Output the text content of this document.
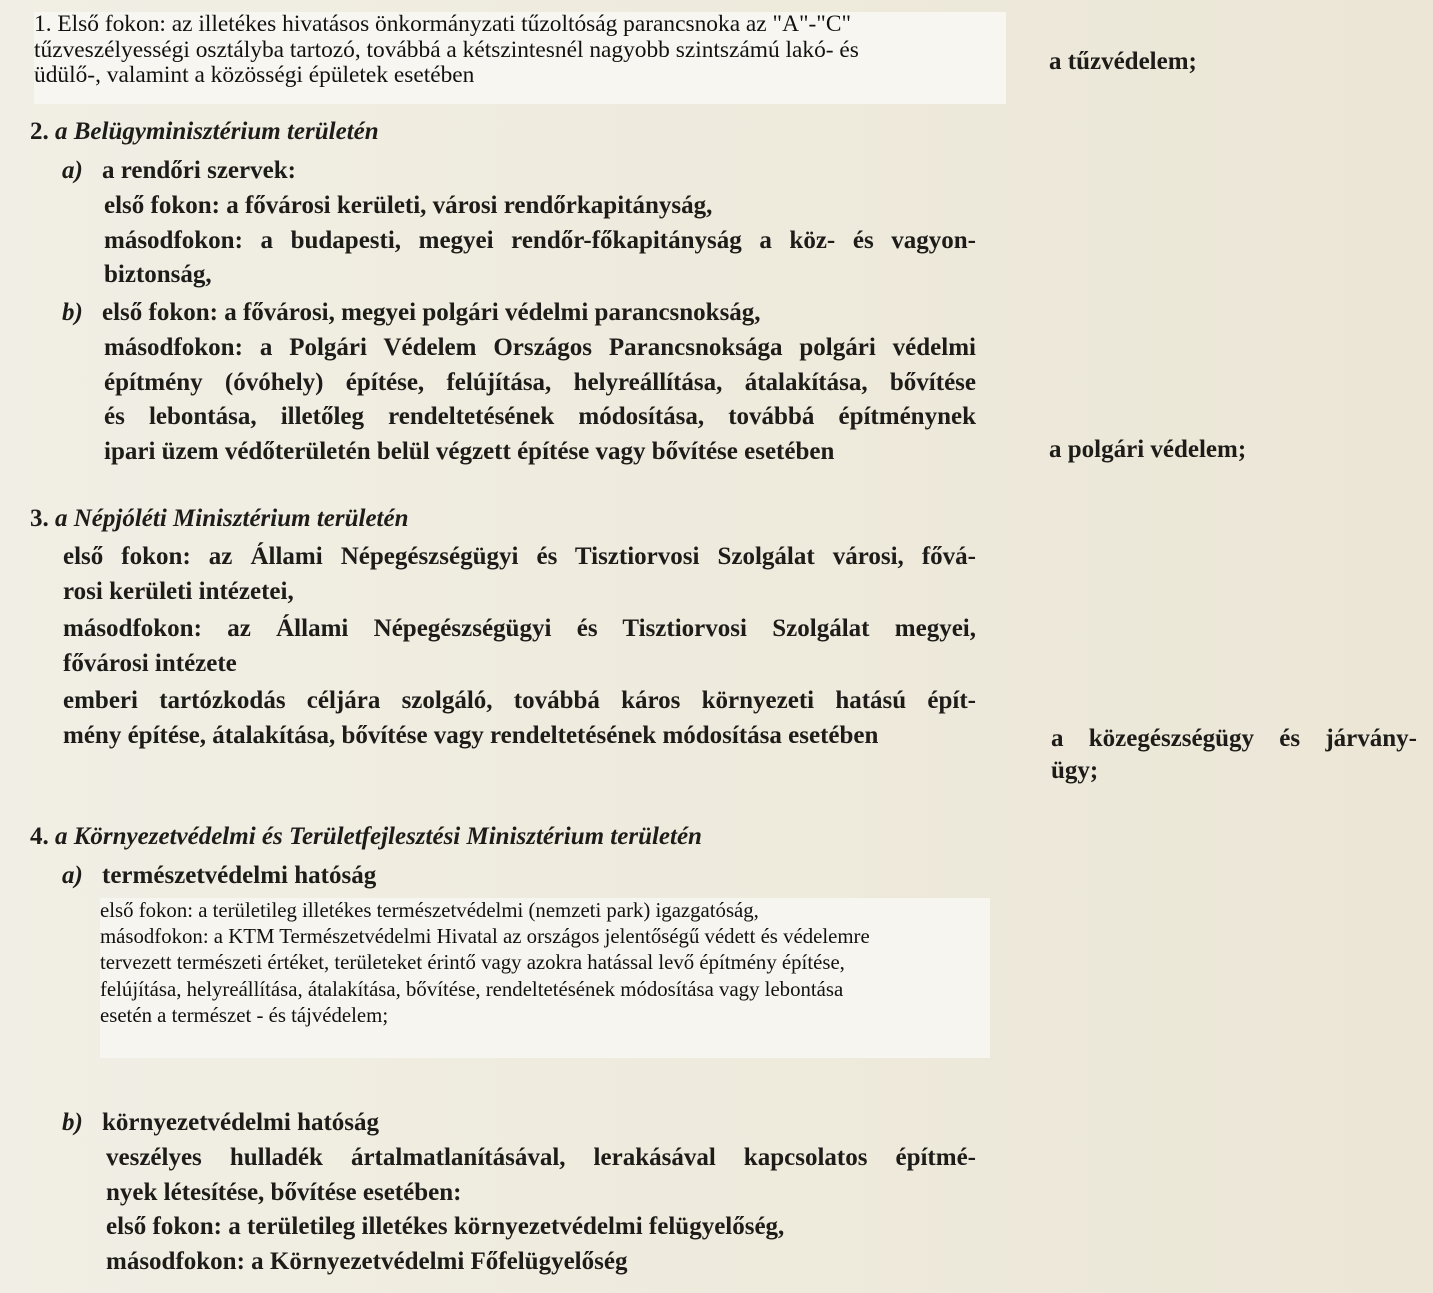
1. Első fokon: az illetékes hivatásos önkormányzati tűzoltóság parancsnoka az "A"-"C"
tűzveszélyességi osztályba tartozó, továbbá a kétszintesnél nagyobb szintszámú lakó- és
üdülő-, valamint a közösségi épületek esetében
a tűzvédelem;
2. a Belügyminisztérium területén
a) a rendőri szervek:
első fokon: a fővárosi kerületi, városi rendőrkapitányság,
másodfokon: a budapesti, megyei rendőr-főkapitányság a köz- és vagyon-
biztonság,
b) első fokon: a fővárosi, megyei polgári védelmi parancsnokság,
másodfokon: a Polgári Védelem Országos Parancsnoksága polgári védelmi
építmény (óvóhely) építése, felújítása, helyreállítása, átalakítása, bővítése
és lebontása, illetőleg rendeltetésének módosítása, továbbá építménynek
ipari üzem védőterületén belül végzett építése vagy bővítése esetében	a polgári védelem;
3. a Népjóléti Minisztérium területén
első fokon: az Állami Népegészségügyi és Tisztiorvosi Szolgálat városi, fővá-
rosi kerületi intézetei,
másodfokon: az Állami Népegészségügyi és Tisztiorvosi Szolgálat megyei,
fővárosi intézete
emberi tartózkodás céljára szolgáló, továbbá káros környezeti hatású épít-
mény építése, átalakítása, bővítése vagy rendeltetésének módosítása esetében	a közegészségügy és járvány-
ügy;
4. a Környezetvédelmi és Területfejlesztési Minisztérium területén
a) természetvédelmi hatóság
első fokon: a területileg illetékes természetvédelmi (nemzeti park) igazgatóság,
másodfokon: a KTM Természetvédelmi Hivatal az országos jelentőségű védett és védelemre
tervezett természeti értéket, területeket érintő vagy azokra hatással levő építmény építése,
felújítása, helyreállítása, átalakítása, bővítése, rendeltetésének módosítása vagy lebontása
esetén a természet - és tájvédelem;
b) környezetvédelmi hatóság
veszélyes hulladék ártalmatlanításával, lerakásával kapcsolatos építmé-
nyek létesítése, bővítése esetében:
első fokon: a területileg illetékes környezetvédelmi felügyelőség,
másodfokon: a Környezetvédelmi Főfelügyelőség
